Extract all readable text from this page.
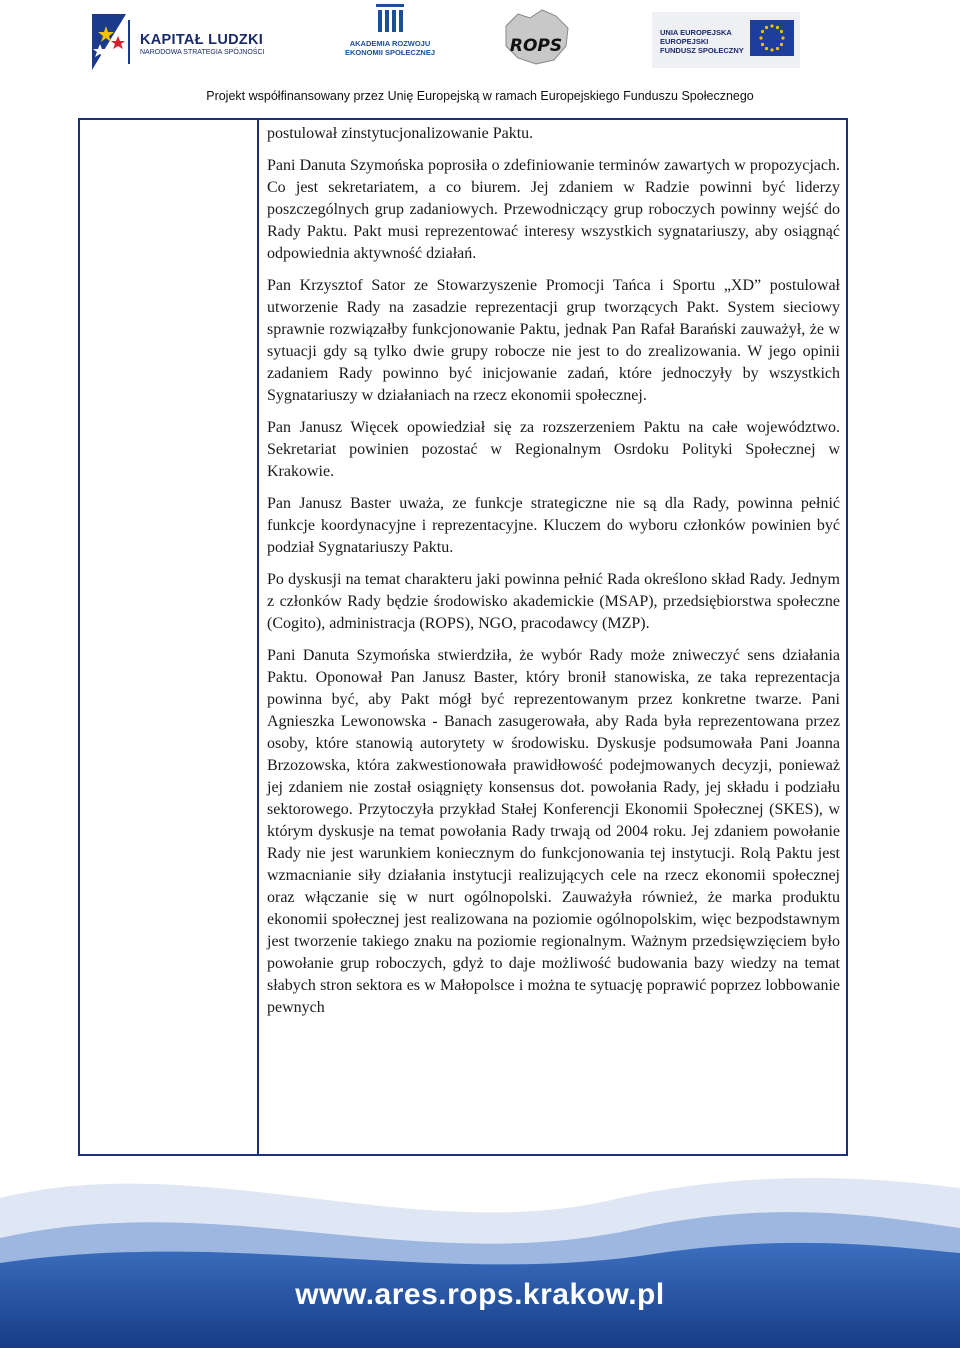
KAPITAŁ LUDZKI
NARODOWA STRATEGIA SPÓJNOŚCI
AKADEMIA ROZWOJU
EKONOMII SPOŁECZNEJ	ROPS
UNIA EUROPEJSKA
EUROPEJSKI
FUNDUSZ SPOŁECZNY
Projekt współfinansowany przez Unię Europejską w ramach Europejskiego Funduszu Społecznego

postulował zinstytucjonalizowanie Paktu.

Pani Danuta Szymońska poprosiła o zdefiniowanie terminów zawartych w propozycjach. Co jest sekretariatem, a co biurem. Jej zdaniem w Radzie powinni być liderzy poszczególnych grup zadaniowych. Przewodniczący grup roboczych powinny wejść do Rady Paktu. Pakt musi reprezentować interesy wszystkich sygnatariuszy, aby osiągnąć odpowiednia aktywność działań.

Pan Krzysztof Sator ze Stowarzyszenie Promocji Tańca i Sportu „XD” postulował utworzenie Rady na zasadzie reprezentacji grup tworzących Pakt. System sieciowy sprawnie rozwiązałby funkcjonowanie Paktu, jednak Pan Rafał Barański zauważył, że w sytuacji gdy są tylko dwie grupy robocze nie jest to do zrealizowania. W jego opinii zadaniem Rady powinno być inicjowanie zadań, które jednoczyły by wszystkich Sygnatariuszy w działaniach na rzecz ekonomii społecznej.

Pan Janusz Więcek opowiedział się za rozszerzeniem Paktu na całe województwo. Sekretariat powinien pozostać w Regionalnym Osrdoku Polityki Społecznej w Krakowie.

Pan Janusz Baster uważa, ze funkcje strategiczne nie są dla Rady, powinna pełnić funkcje koordynacyjne i reprezentacyjne. Kluczem do wyboru członków powinien być podział Sygnatariuszy Paktu.

Po dyskusji na temat charakteru jaki powinna pełnić Rada określono skład Rady. Jednym z członków Rady będzie środowisko akademickie (MSAP), przedsiębiorstwa społeczne (Cogito), administracja (ROPS), NGO, pracodawcy (MZP).

Pani Danuta Szymońska stwierdziła, że wybór Rady może zniweczyć sens działania Paktu. Oponował Pan Janusz Baster, który bronił stanowiska, ze taka reprezentacja powinna być, aby Pakt mógł być reprezentowanym przez konkretne twarze. Pani Agnieszka Lewonowska - Banach zasugerowała, aby Rada była reprezentowana przez osoby, które stanowią autorytety w środowisku. Dyskusje podsumowała Pani Joanna Brzozowska, która zakwestionowała prawidłowość podejmowanych decyzji, ponieważ jej zdaniem nie został osiągnięty konsensus dot. powołania Rady, jej składu i podziału sektorowego. Przytoczyła przykład Stałej Konferencji Ekonomii Społecznej (SKES), w którym dyskusje na temat powołania Rady trwają od 2004 roku. Jej zdaniem powołanie Rady nie jest warunkiem koniecznym do funkcjonowania tej instytucji. Rolą Paktu jest wzmacnianie siły działania instytucji realizujących cele na rzecz ekonomii społecznej oraz włączanie się w nurt ogólnopolski. Zauważyła również, że marka produktu ekonomii społecznej jest realizowana na poziomie ogólnopolskim, więc bezpodstawnym jest tworzenie takiego znaku na poziomie regionalnym. Ważnym przedsięwzięciem było powołanie grup roboczych, gdyż to daje możliwość budowania bazy wiedzy na temat słabych stron sektora es w Małopolsce i można te sytuację poprawić poprzez lobbowanie pewnych

www.ares.rops.krakow.pl
